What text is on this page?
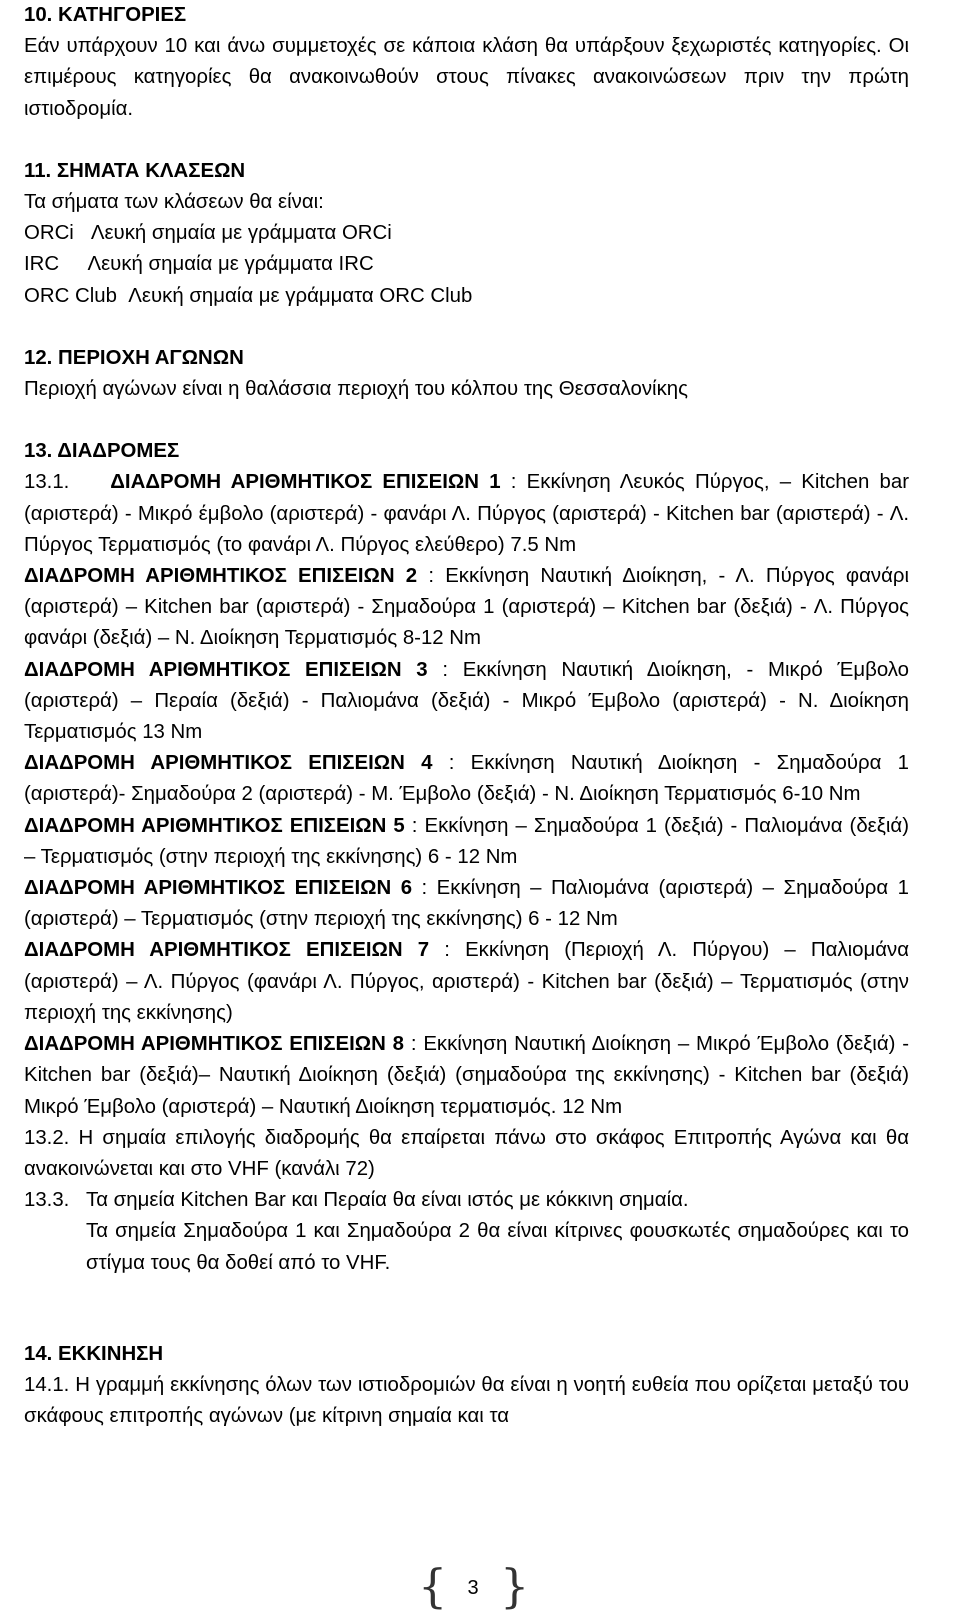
10. ΚΑΤΗΓΟΡΙΕΣ
Εάν υπάρχουν 10 και άνω συμμετοχές σε κάποια κλάση θα υπάρξουν ξεχωριστές κατηγορίες. Οι επιμέρους κατηγορίες θα ανακοινωθούν στους πίνακες ανακοινώσεων πριν την πρώτη ιστιοδρομία.
11. ΣΗΜΑΤΑ ΚΛΑΣΕΩΝ
Τα σήματα των κλάσεων θα είναι:
ORCi Λευκή σημαία με γράμματα ORCi
IRC Λευκή σημαία με γράμματα IRC
ORC Club Λευκή σημαία με γράμματα ORC Club
12. ΠΕΡΙΟΧΗ ΑΓΩΝΩΝ
Περιοχή αγώνων είναι η θαλάσσια περιοχή του κόλπου της Θεσσαλονίκης
13. ΔΙΑΔΡΟΜΕΣ
13.1. ΔΙΑΔΡΟΜΗ ΑΡΙΘΜΗΤΙΚΟΣ ΕΠΙΣΕΙΩΝ 1 : Εκκίνηση Λευκός Πύργος, – Kitchen bar (αριστερά) - Μικρό έμβολο (αριστερά) - φανάρι Λ. Πύργος (αριστερά) - Kitchen bar (αριστερά) - Λ. Πύργος Τερματισμός (το φανάρι Λ. Πύργος ελεύθερο) 7.5 Nm
ΔΙΑΔΡΟΜΗ ΑΡΙΘΜΗΤΙΚΟΣ ΕΠΙΣΕΙΩΝ 2 : Εκκίνηση Ναυτική Διοίκηση, - Λ. Πύργος φανάρι (αριστερά) – Kitchen bar (αριστερά) - Σημαδούρα 1 (αριστερά) – Kitchen bar (δεξιά) - Λ. Πύργος φανάρι (δεξιά) – Ν. Διοίκηση Τερματισμός 8-12 Nm
ΔΙΑΔΡΟΜΗ ΑΡΙΘΜΗΤΙΚΟΣ ΕΠΙΣΕΙΩΝ 3 : Εκκίνηση Ναυτική Διοίκηση, - Μικρό Έμβολο (αριστερά) – Περαία (δεξιά) - Παλιομάνα (δεξιά) - Μικρό Έμβολο (αριστερά) - Ν. Διοίκηση Τερματισμός 13 Nm
ΔΙΑΔΡΟΜΗ ΑΡΙΘΜΗΤΙΚΟΣ ΕΠΙΣΕΙΩΝ 4 : Εκκίνηση Ναυτική Διοίκηση - Σημαδούρα 1 (αριστερά)- Σημαδούρα 2 (αριστερά) - Μ. Έμβολο (δεξιά) - Ν. Διοίκηση Τερματισμός 6-10 Nm
ΔΙΑΔΡΟΜΗ ΑΡΙΘΜΗΤΙΚΟΣ ΕΠΙΣΕΙΩΝ 5 : Εκκίνηση – Σημαδούρα 1 (δεξιά) - Παλιομάνα (δεξιά) – Τερματισμός (στην περιοχή της εκκίνησης) 6 - 12 Nm
ΔΙΑΔΡΟΜΗ ΑΡΙΘΜΗΤΙΚΟΣ ΕΠΙΣΕΙΩΝ 6 : Εκκίνηση – Παλιομάνα (αριστερά) – Σημαδούρα 1 (αριστερά) – Τερματισμός (στην περιοχή της εκκίνησης) 6 - 12 Nm
ΔΙΑΔΡΟΜΗ ΑΡΙΘΜΗΤΙΚΟΣ ΕΠΙΣΕΙΩΝ 7 : Εκκίνηση (Περιοχή Λ. Πύργου) – Παλιομάνα (αριστερά) – Λ. Πύργος (φανάρι Λ. Πύργος, αριστερά) - Kitchen bar (δεξιά) – Τερματισμός (στην περιοχή της εκκίνησης)
ΔΙΑΔΡΟΜΗ ΑΡΙΘΜΗΤΙΚΟΣ ΕΠΙΣΕΙΩΝ 8 : Εκκίνηση Ναυτική Διοίκηση – Μικρό Έμβολο (δεξιά) - Kitchen bar (δεξιά)– Ναυτική Διοίκηση (δεξιά) (σημαδούρα της εκκίνησης) - Kitchen bar (δεξιά) Μικρό Έμβολο (αριστερά) – Ναυτική Διοίκηση τερματισμός. 12 Nm
13.2. Η σημαία επιλογής διαδρομής θα επαίρεται πάνω στο σκάφος Επιτροπής Αγώνα και θα ανακοινώνεται και στο VHF (κανάλι 72)
13.3. Τα σημεία Kitchen Bar και Περαία θα είναι ιστός με κόκκινη σημαία.
Τα σημεία Σημαδούρα 1 και Σημαδούρα 2 θα είναι κίτρινες φουσκωτές σημαδούρες και το στίγμα τους θα δοθεί από το VHF.
14. ΕΚΚΙΝΗΣΗ
14.1. Η γραμμή εκκίνησης όλων των ιστιοδρομιών θα είναι η νοητή ευθεία που ορίζεται μεταξύ του σκάφους επιτροπής αγώνων (με κίτρινη σημαία και τα
{	3 }
